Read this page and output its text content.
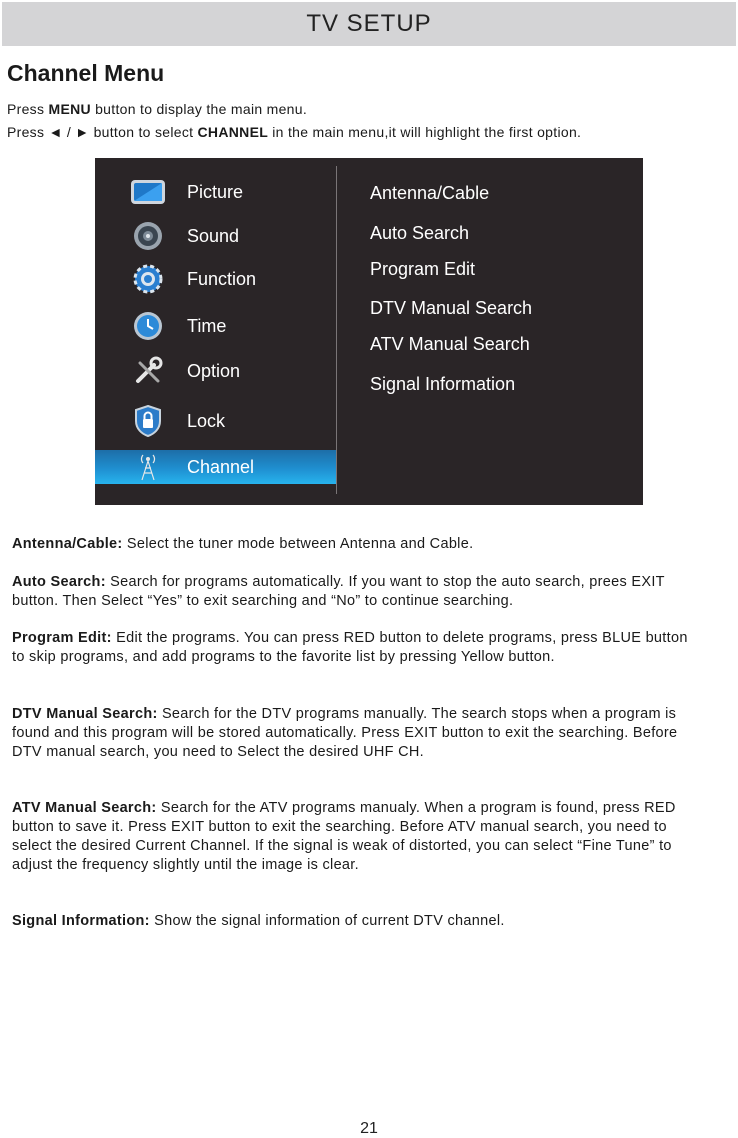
TV SETUP
Channel Menu
Press MENU button to display the main menu.
Press ◄ / ► button to select CHANNEL in the main menu,it will highlight the first option.
Picture
Sound
Function
Time
Option
Lock
Channel
Antenna/Cable
Auto Search
Program Edit
DTV Manual Search
ATV Manual Search
Signal Information
Antenna/Cable: Select the tuner mode between Antenna and Cable.
Auto Search: Search for programs automatically. If you want to stop the auto search, prees EXIT button. Then Select “Yes” to exit searching and “No” to continue searching.
Program Edit: Edit the programs. You can press RED button to delete programs, press BLUE button to skip programs, and add programs to the favorite list by pressing Yellow button.
DTV Manual Search: Search for the DTV programs manually. The search stops when a program is found and this program will be stored automatically. Press EXIT button to exit the searching. Before DTV manual search, you need to Select the desired UHF CH.
ATV Manual Search: Search for the ATV programs manualy. When a program is found, press RED button to save it. Press EXIT button to exit the searching. Before ATV manual search, you need to select the desired Current Channel. If the signal is weak of distorted, you can select “Fine Tune” to adjust the frequency slightly until the image is clear.
Signal Information: Show the signal information of current DTV channel.
21
